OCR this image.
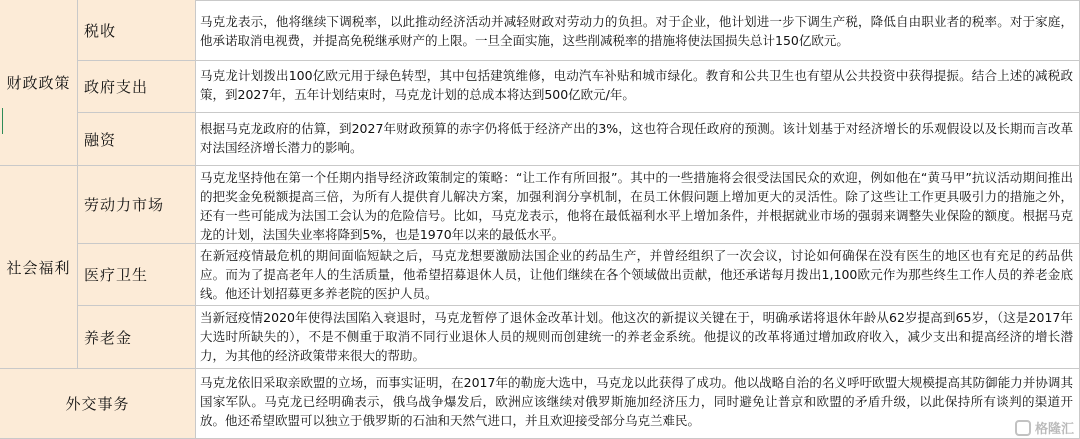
财政政策
税收	马克龙表示，他将继续下调税率，以此推动经济活动并减轻财政对劳动力的负担。对于企业，他计划进一步下调生产税，降低自由职业者的税率。对于家庭，他承诺取消电视费，并提高免税继承财产的上限。一旦全面实施，这些削减税率的措施将使法国损失总计150亿欧元。

政府支出

马克龙计划拨出100亿欧元用于绿色转型，其中包括建筑维修，电动汽车补贴和城市绿化。教育和公共卫生也有望从公共投资中获得提振。结合上述的减税政策，到2027年，五年计划结束时，马克龙计划的总成本将达到500亿欧元/年。

融资

根据马克龙政府的估算，到2027年财政预算的赤字仍将低于经济产出的3%，这也符合现任政府的预测。该计划基于对经济增长的乐观假设以及长期而言改革对法国经济增长潜力的影响。

社会福利
劳动力市场

马克龙坚持他在第一个任期内指导经济政策制定的策略：“让工作有所回报”。其中的一些措施将会很受法国民众的欢迎，例如他在“黄马甲”抗议活动期间推出的把奖金免税额提高三倍，为所有人提供育儿解决方案，加强利润分享机制，在员工休假问题上增加更大的灵活性。除了这些让工作更具吸引力的措施之外，还有一些可能成为法国工会认为的危险信号。比如，马克龙表示，他将在最低福利水平上增加条件，并根据就业市场的强弱来调整失业保险的额度。根据马克龙的计划，法国失业率将降到5%，也是1970年以来的最低水平。

医疗卫生

在新冠疫情最危机的期间面临短缺之后，马克龙想要激励法国企业的药品生产，并曾经组织了一次会议，讨论如何确保在没有医生的地区也有充足的药品供应。而为了提高老年人的生活质量，他希望招募退休人员，让他们继续在各个领域做出贡献，他还承诺每月拨出1,100欧元作为那些终生工作人员的养老金底线。他还计划招募更多养老院的医护人员。

养老金

当新冠疫情2020年使得法国陷入衰退时，马克龙暂停了退休金改革计划。他这次的新提议关键在于，明确承诺将退休年龄从62岁提高到65岁，（这是2017年大选时所缺失的），不是不侧重于取消不同行业退休人员的规则而创建统一的养老金系统。他提议的改革将通过增加政府收入，减少支出和提高经济的增长潜力，为其他的经济政策带来很大的帮助。

外交事务

马克龙依旧采取亲欧盟的立场，而事实证明，在2017年的勒庞大选中，马克龙以此获得了成功。他以战略自治的名义呼吁欧盟大规模提高其防御能力并协调其国家军队。马克龙已经明确表示，俄乌战争爆发后，欧洲应该继续对俄罗斯施加经济压力，同时避免让普京和欧盟的矛盾升级，以此保持所有谈判的渠道开放。他还希望欧盟可以独立于俄罗斯的石油和天然气进口，并且欢迎接受部分乌克兰难民。

格隆汇
